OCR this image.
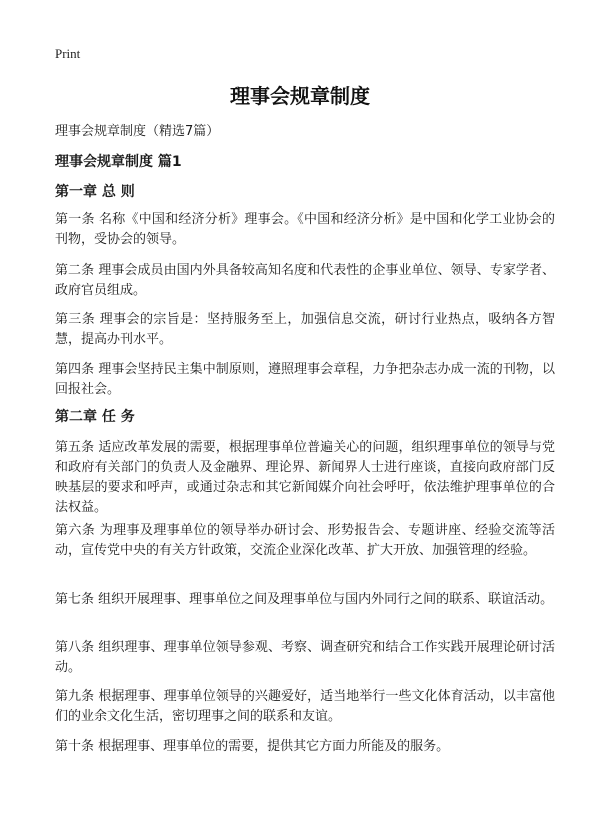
Print
理事会规章制度

理事会规章制度（精选7篇）

理事会规章制度 篇1
第一章 总 则

第一条 名称《中国和经济分析》理事会。《中国和经济分析》是中国和化学工业协会的刊物，受协会的领导。

第二条 理事会成员由国内外具备较高知名度和代表性的企事业单位、领导、专家学者、政府官员组成。

第三条 理事会的宗旨是：坚持服务至上，加强信息交流，研讨行业热点，吸纳各方智慧，提高办刊水平。

第四条 理事会坚持民主集中制原则，遵照理事会章程，力争把杂志办成一流的刊物，以回报社会。

第二章 任 务

第五条 适应改革发展的需要，根据理事单位普遍关心的问题，组织理事单位的领导与党和政府有关部门的负责人及金融界、理论界、新闻界人士进行座谈，直接向政府部门反映基层的要求和呼声，或通过杂志和其它新闻媒介向社会呼吁，依法维护理事单位的合法权益。

第六条 为理事及理事单位的领导举办研讨会、形势报告会、专题讲座、经验交流等活动，宣传党中央的有关方针政策，交流企业深化改革、扩大开放、加强管理的经验。

第七条 组织开展理事、理事单位之间及理事单位与国内外同行之间的联系、联谊活动。

第八条 组织理事、理事单位领导参观、考察、调查研究和结合工作实践开展理论研讨活动。

第九条 根据理事、理事单位领导的兴趣爱好，适当地举行一些文化体育活动，以丰富他们的业余文化生活，密切理事之间的联系和友谊。

第十条 根据理事、理事单位的需要，提供其它方面力所能及的服务。
